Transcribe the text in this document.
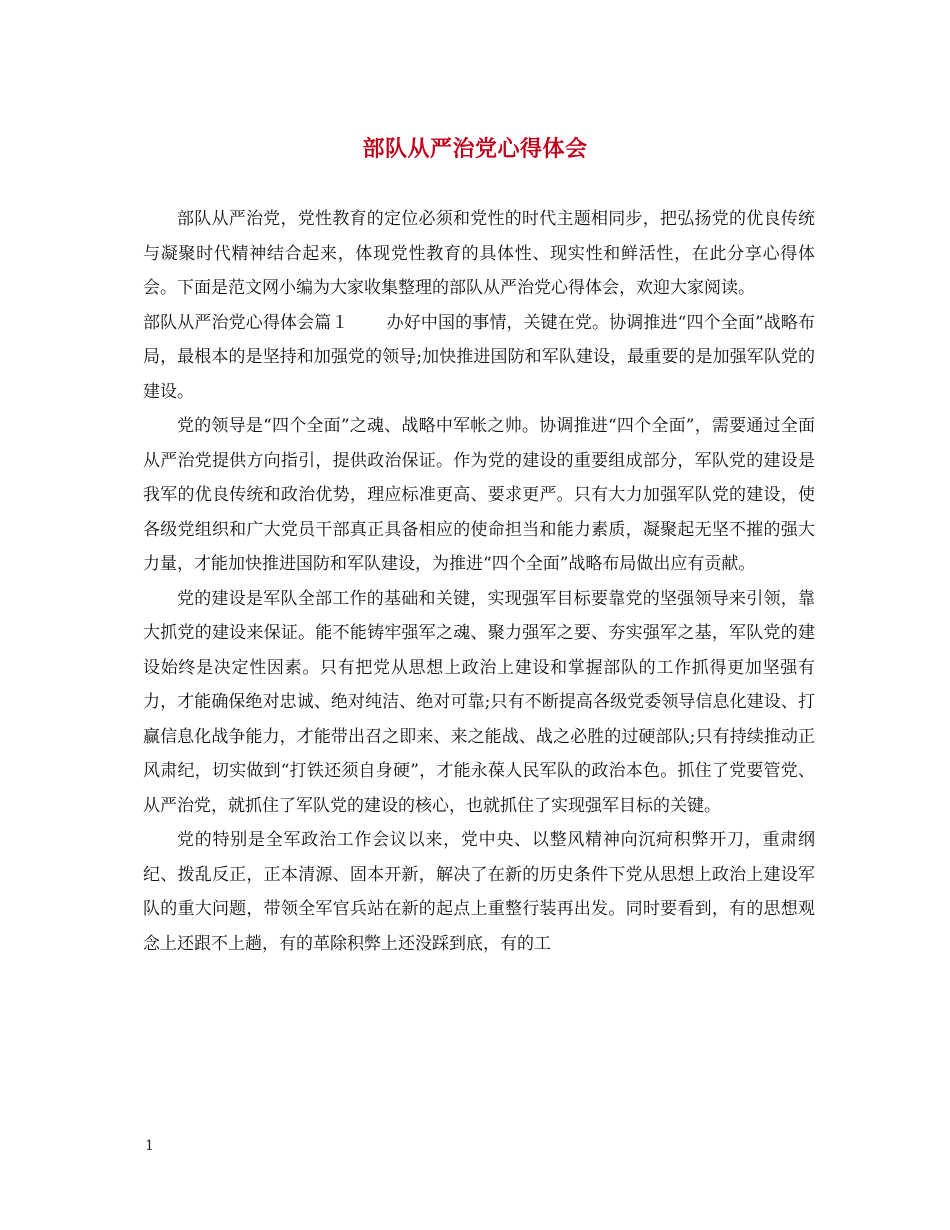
部队从严治党心得体会

部队从严治党，党性教育的定位必须和党性的时代主题相同步，把弘扬党的优良传统与凝聚时代精神结合起来，体现党性教育的具体性、现实性和鲜活性，在此分享心得体会。下面是范文网小编为大家收集整理的部队从严治党心得体会，欢迎大家阅读。

部队从严治党心得体会篇１ 办好中国的事情，关键在党。协调推进“四个全面”战略布局，最根本的是坚持和加强党的领导;加快推进国防和军队建设，最重要的是加强军队党的建设。

党的领导是“四个全面”之魂、战略中军帐之帅。协调推进“四个全面”，需要通过全面从严治党提供方向指引，提供政治保证。作为党的建设的重要组成部分，军队党的建设是我军的优良传统和政治优势，理应标准更高、要求更严。只有大力加强军队党的建设，使各级党组织和广大党员干部真正具备相应的使命担当和能力素质，凝聚起无坚不摧的强大力量，才能加快推进国防和军队建设，为推进“四个全面”战略布局做出应有贡献。

党的建设是军队全部工作的基础和关键，实现强军目标要靠党的坚强领导来引领，靠大抓党的建设来保证。能不能铸牢强军之魂、聚力强军之要、夯实强军之基，军队党的建设始终是决定性因素。只有把党从思想上政治上建设和掌握部队的工作抓得更加坚强有力，才能确保绝对忠诚、绝对纯洁、绝对可靠;只有不断提高各级党委领导信息化建设、打赢信息化战争能力，才能带出召之即来、来之能战、战之必胜的过硬部队;只有持续推动正风肃纪，切实做到“打铁还须自身硬”，才能永葆人民军队的政治本色。抓住了党要管党、从严治党，就抓住了军队党的建设的核心，也就抓住了实现强军目标的关键。

党的特别是全军政治工作会议以来，党中央、以整风精神向沉疴积弊开刀，重肃纲纪、拨乱反正，正本清源、固本开新，解决了在新的历史条件下党从思想上政治上建设军队的重大问题，带领全军官兵站在新的起点上重整行装再出发。同时要看到，有的思想观念上还跟不上趟，有的革除积弊上还没踩到底，有的工

1
